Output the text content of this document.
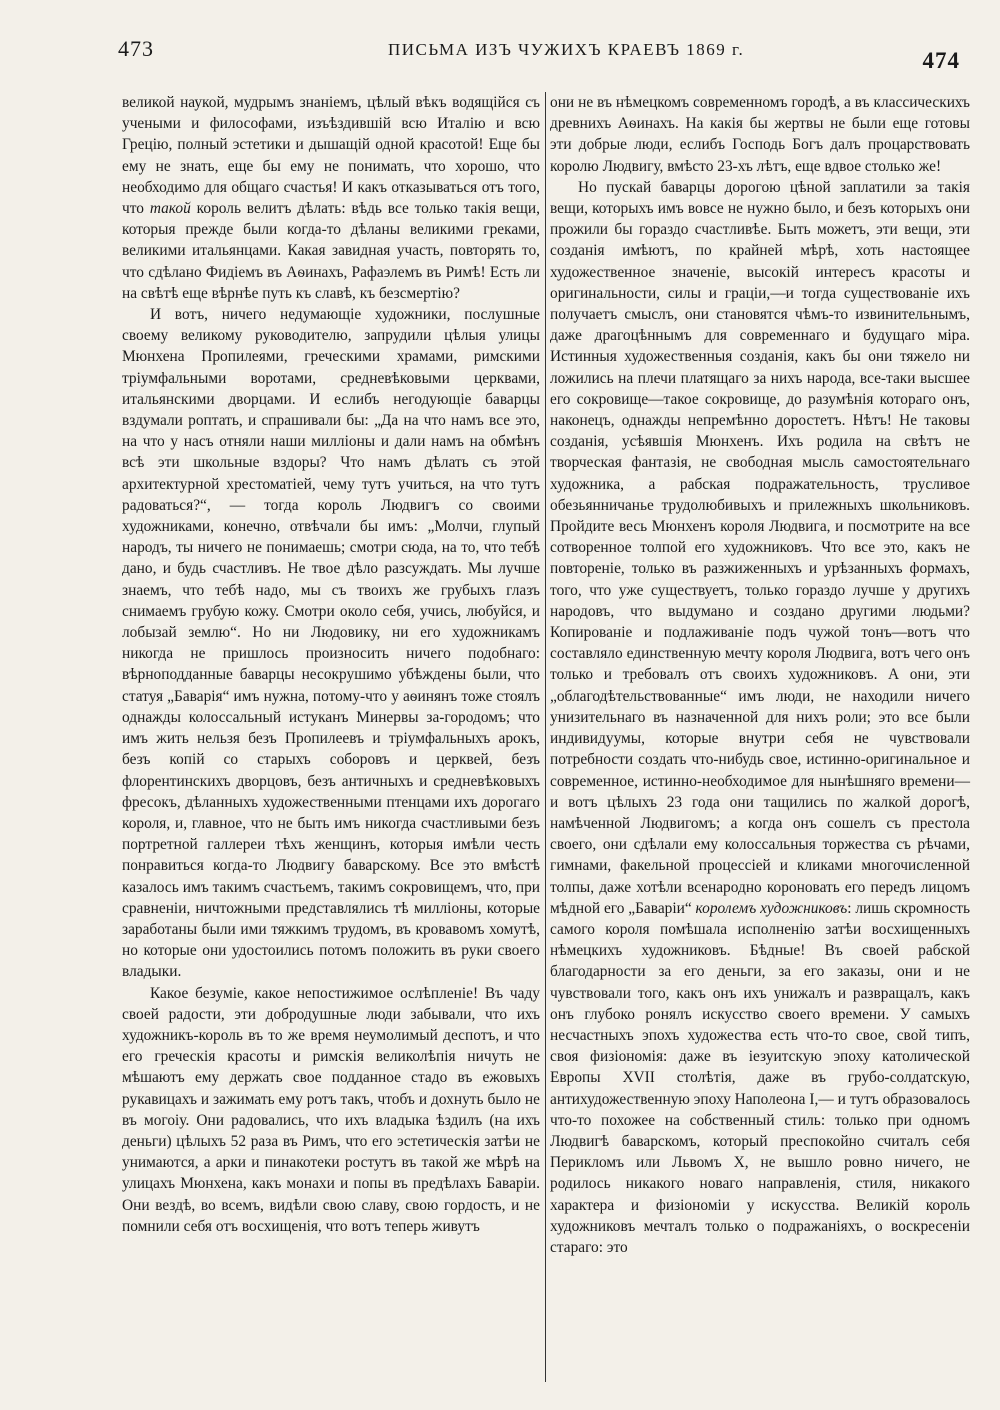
473	ПИСЬМА ИЗЪ ЧУЖИХЪ КРАЕВЪ 1869 г.	474

великой наукой, мудрымъ знаніемъ, цѣлый вѣкъ водящійся съ учеными и философами, изъѣздившій всю Италію и всю Грецію, полный эстетики и дышащій одной красотой! Еще бы ему не знать, еще бы ему не понимать, что хорошо, что необходимо для общаго счастья! И какъ отказываться отъ того, что такой король велитъ дѣлать: вѣдь все только такія вещи, которыя прежде были когда-то дѣланы великими греками, великими итальянцами. Какая завидная участь, повторять то, что сдѣлано Фидіемъ въ Аѳинахъ, Рафаэлемъ въ Римѣ! Есть ли на свѣтѣ еще вѣрнѣе путь къ славѣ, къ безсмертію?

И вотъ, ничего недумающіе художники, послушные своему великому руководителю, запрудили цѣлыя улицы Мюнхена Пропилеями, греческими храмами, римскими тріумфальными воротами, средневѣковыми церквами, итальянскими дворцами. И еслибъ негодующіе баварцы вздумали роптать, и спрашивали бы: „Да на что намъ все это, на что у насъ отняли наши милліоны и дали намъ на обмѣнъ всѣ эти школьные вздоры? Что намъ дѣлать съ этой архитектурной хрестоматіей, чему тутъ учиться, на что тутъ радоваться?“, — тогда король Людвигъ со своими художниками, конечно, отвѣчали бы имъ: „Молчи, глупый народъ, ты ничего не понимаешь; смотри сюда, на то, что тебѣ дано, и будь счастливъ. Не твое дѣло разсуждать. Мы лучше знаемъ, что тебѣ надо, мы съ твоихъ же грубыхъ глазъ снимаемъ грубую кожу. Смотри около себя, учись, любуйся, и лобызай землю“. Но ни Людовику, ни его художникамъ никогда не пришлось произносить ничего подобнаго: вѣрноподданные баварцы несокрушимо убѣждены были, что статуя „Баварія“ имъ нужна, потому-что у аѳинянъ тоже стоялъ однажды колоссальный истуканъ Минервы за-городомъ; что имъ жить нельзя безъ Пропилеевъ и тріумфальныхъ арокъ, безъ копій со старыхъ соборовъ и церквей, безъ флорентинскихъ дворцовъ, безъ античныхъ и средневѣковыхъ фресокъ, дѣланныхъ художественными птенцами ихъ дорогаго короля, и, главное, что не быть имъ никогда счастливыми безъ портретной галлереи тѣхъ женщинъ, которыя имѣли честь понравиться когда-то Людвигу баварскому. Все это вмѣстѣ казалось имъ такимъ счастьемъ, такимъ сокровищемъ, что, при сравненіи, ничтожными представлялись тѣ милліоны, которые заработаны были ими тяжкимъ трудомъ, въ кровавомъ хомутѣ, но которые они удостоились потомъ положить въ руки своего владыки.

Какое безуміе, какое непостижимое ослѣпленіе! Въ чаду своей радости, эти добродушные люди забывали, что ихъ художникъ-король въ то же время неумолимый деспотъ, и что его греческія красоты и римскія великолѣпія ничуть не мѣшаютъ ему держать свое подданное стадо въ ежовыхъ рукавицахъ и зажимать ему ротъ такъ, чтобъ и дохнуть было не въ могоіу. Они радовались, что ихъ владыка ѣздилъ (на ихъ деньги) цѣлыхъ 52 раза въ Римъ, что его эстетическія затѣи не унимаются, а арки и пинакотеки ростутъ въ такой же мѣрѣ на улицахъ Мюнхена, какъ монахи и попы въ предѣлахъ Баваріи. Они вездѣ, во всемъ, видѣли свою славу, свою гордость, и не помнили себя отъ восхищенія, что вотъ теперь живутъ

они не въ нѣмецкомъ современномъ городѣ, а въ классическихъ древнихъ Аѳинахъ. На какія бы жертвы не были еще готовы эти добрые люди, еслибъ Господь Богъ далъ процарствовать королю Людвигу, вмѣсто 23-хъ лѣтъ, еще вдвое столько же!

Но пускай баварцы дорогою цѣной заплатили за такія вещи, которыхъ имъ вовсе не нужно было, и безъ которыхъ они прожили бы гораздо счастливѣе. Быть можетъ, эти вещи, эти созданія имѣютъ, по крайней мѣрѣ, хоть настоящее художественное значеніе, высокій интересъ красоты и оригинальности, силы и граціи,—и тогда существованіе ихъ получаетъ смыслъ, они становятся чѣмъ-то извинительнымъ, даже драгоцѣннымъ для современнаго и будущаго міра. Истинныя художественныя созданія, какъ бы они тяжело ни ложились на плечи платящаго за нихъ народа, все-таки высшее его сокровище—такое сокровище, до разумѣнія котораго онъ, наконецъ, однажды непремѣнно доростетъ. Нѣтъ! Не таковы созданія, усѣявшія Мюнхенъ. Ихъ родила на свѣтъ не творческая фантазія, не свободная мысль самостоятельнаго художника, а рабская подражательность, трусливое обезьянничанье трудолюбивыхъ и прилежныхъ школьниковъ. Пройдите весь Мюнхенъ короля Людвига, и посмотрите на все сотворенное толпой его художниковъ. Что все это, какъ не повтореніе, только въ разжиженныхъ и урѣзанныхъ формахъ, того, что уже существуетъ, только гораздо лучше у другихъ народовъ, что выдумано и создано другими людьми? Копированіе и подлаживаніе подъ чужой тонъ—вотъ что составляло единственную мечту короля Людвига, вотъ чего онъ только и требовалъ отъ своихъ художниковъ. А они, эти „облагодѣтельствованные“ имъ люди, не находили ничего унизительнаго въ назначенной для нихъ роли; это все были индивидуумы, которые внутри себя не чувствовали потребности создать что-нибудь свое, истинно-оригинальное и современное, истинно-необходимое для нынѣшняго времени—и вотъ цѣлыхъ 23 года они тащились по жалкой дорогѣ, намѣченной Людвигомъ; а когда онъ сошелъ съ престола своего, они сдѣлали ему колоссальныя торжества съ рѣчами, гимнами, факельной процессіей и кликами многочисленной толпы, даже хотѣли всенародно короновать его передъ лицомъ мѣдной его „Баваріи“ королемъ художниковъ: лишь скромность самого короля помѣшала исполненію затѣи восхищенныхъ нѣмецкихъ художниковъ. Бѣдные! Въ своей рабской благодарности за его деньги, за его заказы, они и не чувствовали того, какъ онъ ихъ унижалъ и развращалъ, какъ онъ глубоко ронялъ искусство своего времени. У самыхъ несчастныхъ эпохъ художества есть что-то свое, свой типъ, своя физіономія: даже въ іезуитскую эпоху католической Европы XVII столѣтія, даже въ грубо-солдатскую, антихудожественную эпоху Наполеона I,— и тутъ образовалось что-то похожее на собственный стиль: только при одномъ Людвигѣ баварскомъ, который преспокойно считалъ себя Перикломъ или Львомъ X, не вышло ровно ничего, не родилось никакого новаго направленія, стиля, никакого характера и физіономіи у искусства. Великій король художниковъ мечталъ только о подражаніяхъ, о воскресеніи стараго: это
